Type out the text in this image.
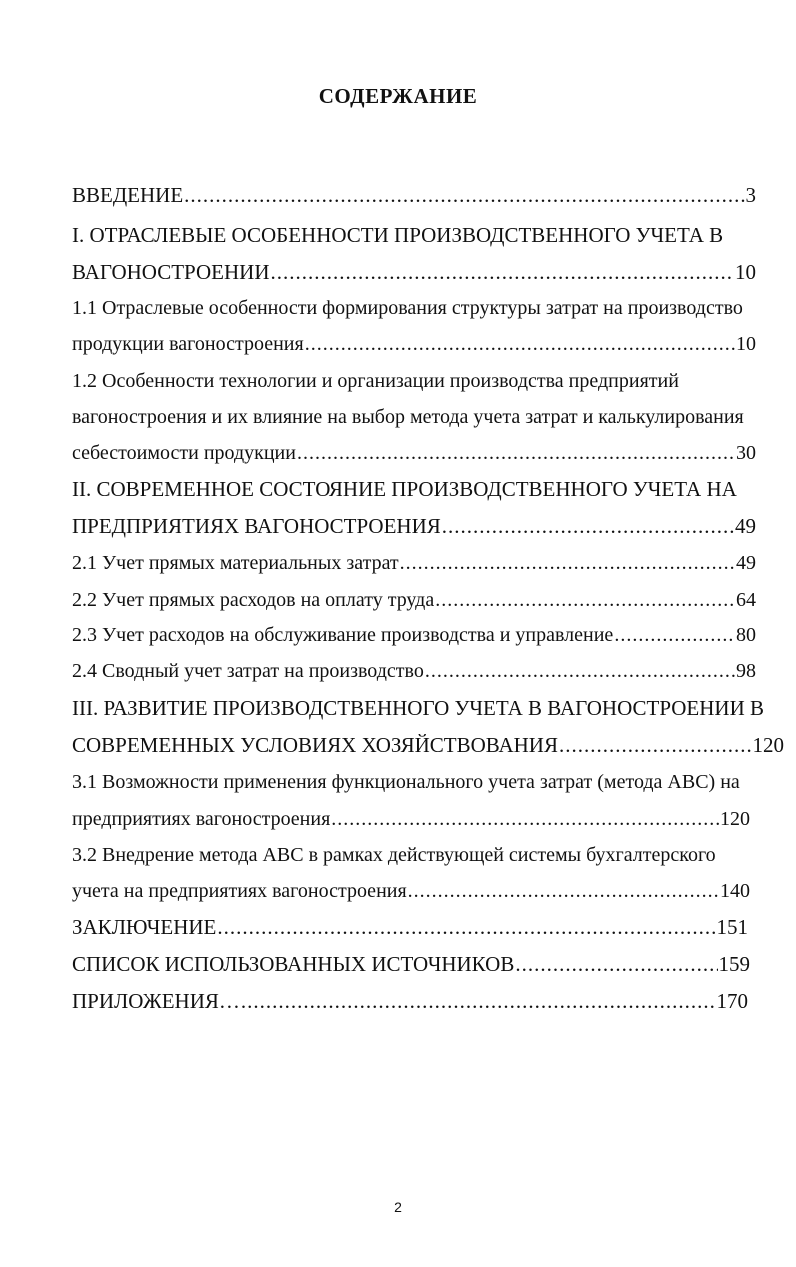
СОДЕРЖАНИЕ
ВВЕДЕНИЕ .....	3
I. ОТРАСЛЕВЫЕ ОСОБЕННОСТИ ПРОИЗВОДСТВЕННОГО УЧЕТА В
ВАГОНОСТРОЕНИИ .....	10
1.1 Отраслевые особенности формирования структуры затрат на производство
продукции вагоностроения .....	10
1.2 Особенности технологии и организации производства предприятий
вагоностроения и их влияние на выбор метода учета затрат и калькулирования
себестоимости продукции .....	30
II. СОВРЕМЕННОЕ СОСТОЯНИЕ ПРОИЗВОДСТВЕННОГО УЧЕТА НА
ПРЕДПРИЯТИЯХ ВАГОНОСТРОЕНИЯ .....	49
2.1 Учет прямых материальных затрат .....	49
2.2 Учет прямых расходов на оплату труда .....	64
2.3 Учет расходов на обслуживание производства и управление .....	80
2.4 Сводный учет затрат на производство .....	98
III. РАЗВИТИЕ ПРОИЗВОДСТВЕННОГО УЧЕТА В ВАГОНОСТРОЕНИИ В
СОВРЕМЕННЫХ УСЛОВИЯХ ХОЗЯЙСТВОВАНИЯ .....	120
3.1 Возможности применения функционального учета затрат (метода АВС) на
предприятиях вагоностроения .....	120
3.2 Внедрение метода АВС в рамках действующей системы бухгалтерского
учета на предприятиях вагоностроения .....	140
ЗАКЛЮЧЕНИЕ .....	151
СПИСОК ИСПОЛЬЗОВАННЫХ ИСТОЧНИКОВ .....	159
ПРИЛОЖЕНИЯ… .....	170
2
